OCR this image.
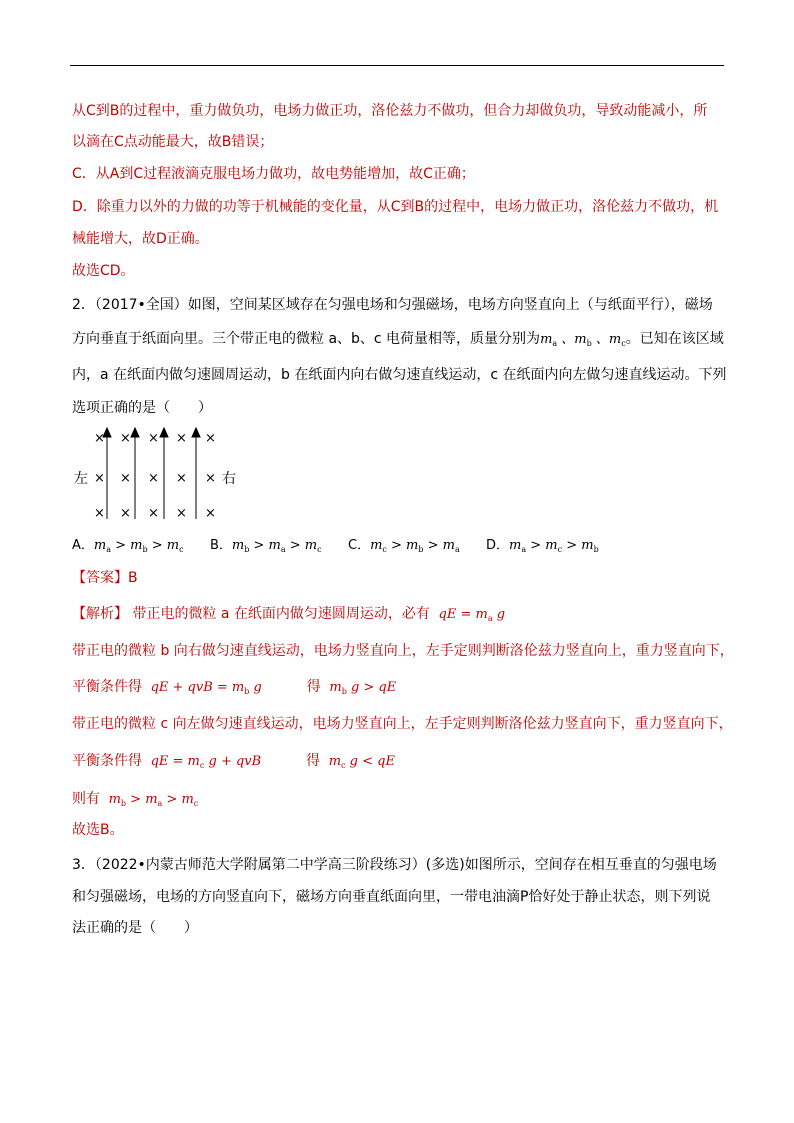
从C到B的过程中，重力做负功，电场力做正功，洛伦兹力不做功，但合力却做负功，导致动能减小，所
以滴在C点动能最大，故B错误；
C．从A到C过程液滴克服电场力做功，故电势能增加，故C正确；
D．除重力以外的力做的功等于机械能的变化量，从C到B的过程中，电场力做正功，洛伦兹力不做功，机
械能增大，故D正确。
故选CD。
2．（2017•全国）如图，空间某区域存在匀强电场和匀强磁场，电场方向竖直向上（与纸面平行），磁场
方向垂直于纸面向里。三个带正电的微粒 a、b、c 电荷量相等，质量分别为$m_a$ 、$m_b$ 、$m_c$。已知在该区域
内，a 在纸面内做匀速圆周运动，b 在纸面内向右做匀速直线运动，c 在纸面内向左做匀速直线运动。下列
选项正确的是（　　）
左	右
× × × × ×
× × × × ×
× × × × ×
A．$m_a > m_b > m_c$ B．$m_b > m_a > m_c$ C．$m_c > m_b > m_a$ D．$m_a > m_c > m_b$
【答案】B
【解析】 带正电的微粒 a 在纸面内做匀速圆周运动，必有  qE = $m_a$ g
带正电的微粒 b 向右做匀速直线运动，电场力竖直向上，左手定则判断洛伦兹力竖直向上，重力竖直向下，
平衡条件得  qE + qvB = $m_b$ g	得  $m_b$ g > qE
带正电的微粒 c 向左做匀速直线运动，电场力竖直向上，左手定则判断洛伦兹力竖直向下，重力竖直向下，
平衡条件得  qE = $m_c$ g + qvB	得  $m_c$ g < qE
则有  $m_b > m_a > m_c$
故选B。
3．（2022•内蒙古师范大学附属第二中学高三阶段练习）(多选)如图所示，空间存在相互垂直的匀强电场
和匀强磁场，电场的方向竖直向下，磁场方向垂直纸面向里，一带电油滴P恰好处于静止状态，则下列说
法正确的是（　　）
